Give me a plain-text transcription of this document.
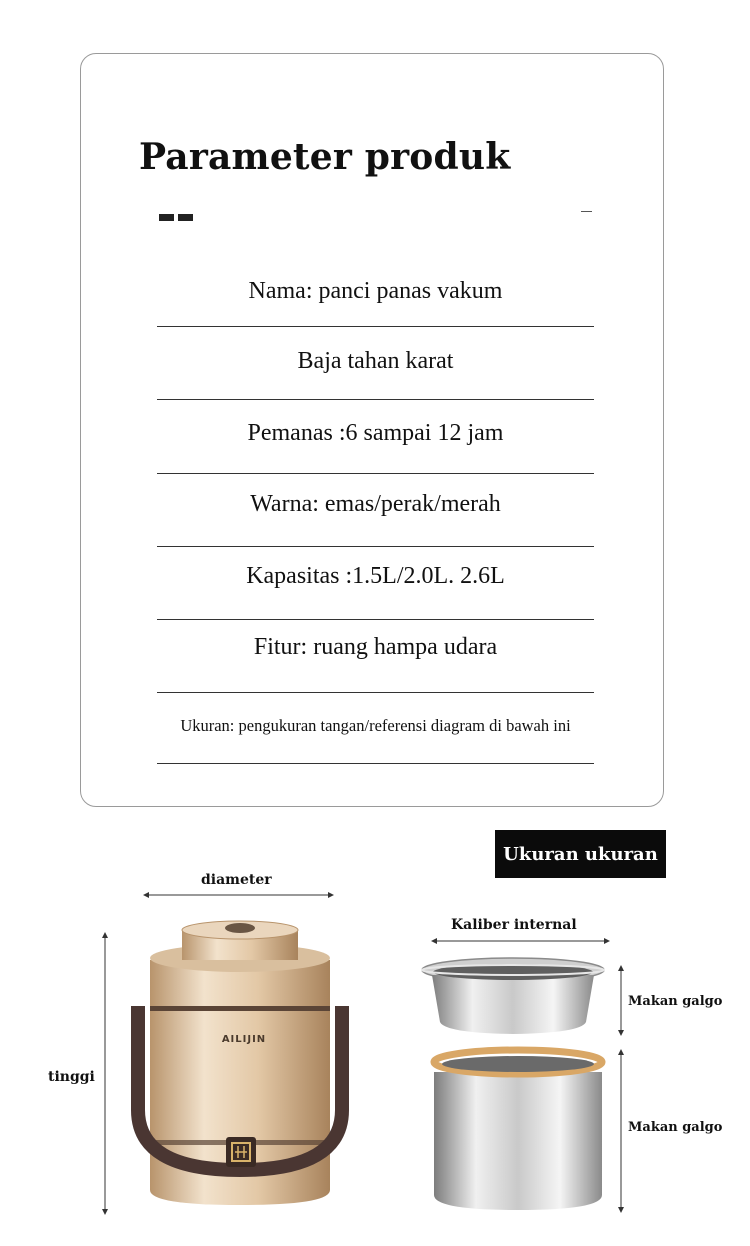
Parameter produk
Nama: panci panas vakum
Baja tahan karat
Pemanas :6 sampai 12 jam
Warna: emas/perak/merah
Kapasitas :1.5L/2.0L. 2.6L
Fitur: ruang hampa udara
Ukuran: pengukuran tangan/referensi diagram di bawah ini
Ukuran ukuran
diameter
tinggi
Kaliber internal
Makan galgo
Makan galgo
AILIJIN
